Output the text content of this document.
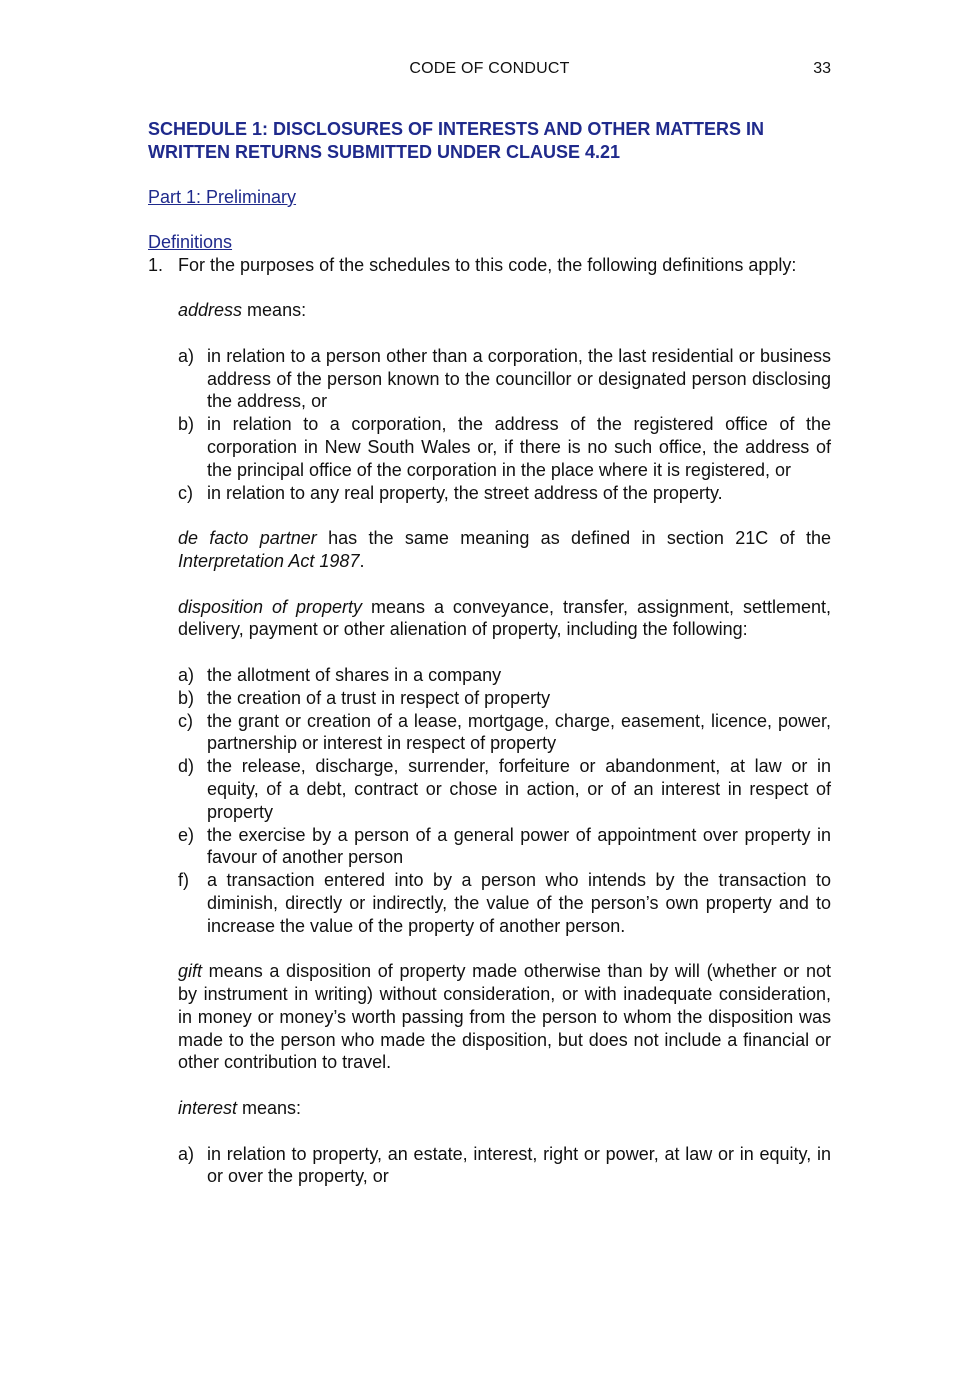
CODE OF CONDUCT	33

SCHEDULE 1: DISCLOSURES OF INTERESTS AND OTHER MATTERS IN WRITTEN RETURNS SUBMITTED UNDER CLAUSE 4.21

Part 1: Preliminary

Definitions

1. For the purposes of the schedules to this code, the following definitions apply:

address means:

a) in relation to a person other than a corporation, the last residential or business address of the person known to the councillor or designated person disclosing the address, or
b) in relation to a corporation, the address of the registered office of the corporation in New South Wales or, if there is no such office, the address of the principal office of the corporation in the place where it is registered, or
c) in relation to any real property, the street address of the property.

de facto partner has the same meaning as defined in section 21C of the Interpretation Act 1987.

disposition of property means a conveyance, transfer, assignment, settlement, delivery, payment or other alienation of property, including the following:

a) the allotment of shares in a company
b) the creation of a trust in respect of property
c) the grant or creation of a lease, mortgage, charge, easement, licence, power, partnership or interest in respect of property
d) the release, discharge, surrender, forfeiture or abandonment, at law or in equity, of a debt, contract or chose in action, or of an interest in respect of property
e) the exercise by a person of a general power of appointment over property in favour of another person
f)	a transaction entered into by a person who intends by the transaction to diminish, directly or indirectly, the value of the person’s own property and to increase the value of the property of another person.

gift means a disposition of property made otherwise than by will (whether or not by instrument in writing) without consideration, or with inadequate consideration, in money or money’s worth passing from the person to whom the disposition was made to the person who made the disposition, but does not include a financial or other contribution to travel.

interest means:

a) in relation to property, an estate, interest, right or power, at law or in equity, in or over the property, or
